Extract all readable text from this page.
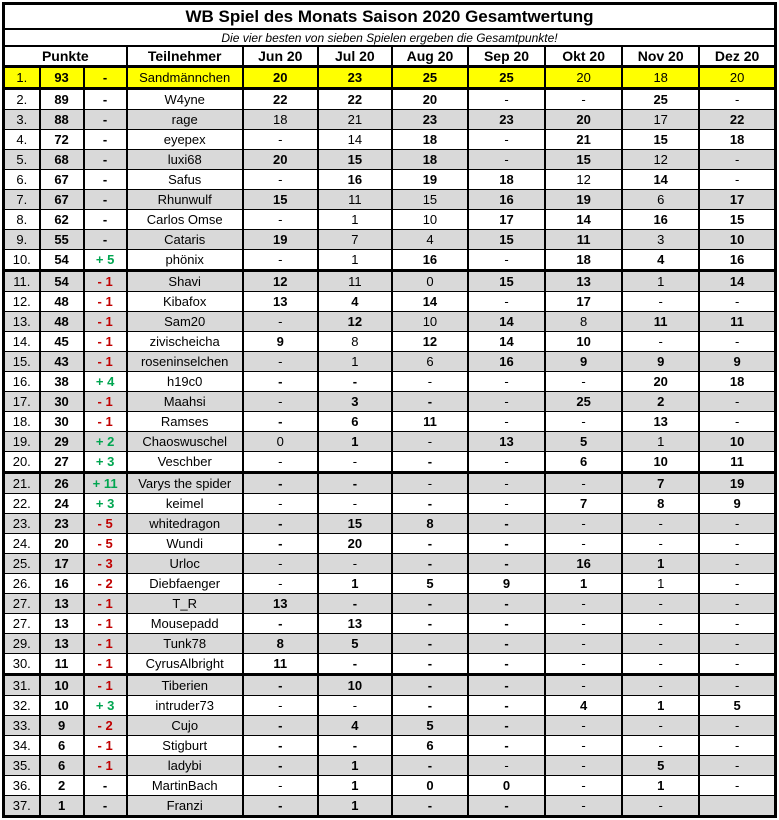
WB Spiel des Monats Saison 2020 Gesamtwertung										
Die vier besten von sieben Spielen ergeben die Gesamtpunkte!										
Punkte			Teilnehmer	Jun 20	Jul 20	Aug 20	Sep 20	Okt 20	Nov 20	Dez 20
1.	93	-	Sandmännchen	20	23	25	25	20	18	20
2.	89	-	W4yne	22	22	20	-	-	25	-
3.	88	-	rage	18	21	23	23	20	17	22
4.	72	-	eyepex	-	14	18	-	21	15	18
5.	68	-	luxi68	20	15	18	-	15	12	-
6.	67	-	Safus	-	16	19	18	12	14	-
7.	67	-	Rhunwulf	15	11	15	16	19	6	17
8.	62	-	Carlos Omse	-	1	10	17	14	16	15
9.	55	-	Cataris	19	7	4	15	11	3	10
10.	54	+ 5	phönix	-	1	16	-	18	4	16
11.	54	- 1	Shavi	12	11	0	15	13	1	14
12.	48	- 1	Kibafox	13	4	14	-	17	-	-
13.	48	- 1	Sam20	-	12	10	14	8	11	11
14.	45	- 1	zivischeicha	9	8	12	14	10	-	-
15.	43	- 1	roseninselchen	-	1	6	16	9	9	9
16.	38	+ 4	h19c0	-	-	-	-	-	20	18
17.	30	- 1	Maahsi	-	3	-	-	25	2	-
18.	30	- 1	Ramses	-	6	11	-	-	13	-
19.	29	+ 2	Chaoswuschel	0	1	-	13	5	1	10
20.	27	+ 3	Veschber	-	-	-	-	6	10	11
21.	26	+ 11	Varys the spider	-	-	-	-	-	7	19
22.	24	+ 3	keimel	-	-	-	-	7	8	9
23.	23	- 5	whitedragon	-	15	8	-	-	-	-
24.	20	- 5	Wundi	-	20	-	-	-	-	-
25.	17	- 3	Urloc	-	-	-	-	16	1	-
26.	16	- 2	Diebfaenger	-	1	5	9	1	1	-
27.	13	- 1	T_R	13	-	-	-	-	-	-
27.	13	- 1	Mousepadd	-	13	-	-	-	-	-
29.	13	- 1	Tunk78	8	5	-	-	-	-	-
30.	11	- 1	CyrusAlbright	11	-	-	-	-	-	-
31.	10	- 1	Tiberien	-	10	-	-	-	-	-
32.	10	+ 3	intruder73	-	-	-	-	4	1	5
33.	9	- 2	Cujo	-	4	5	-	-	-	-
34.	6	- 1	Stigburt	-	-	6	-	-	-	-
35.	6	- 1	ladybi	-	1	-	-	-	5	-
36.	2	-	MartinBach	-	1	0	0	-	1	-
37.	1	-	Franzi	-	1	-	-	-	-	
